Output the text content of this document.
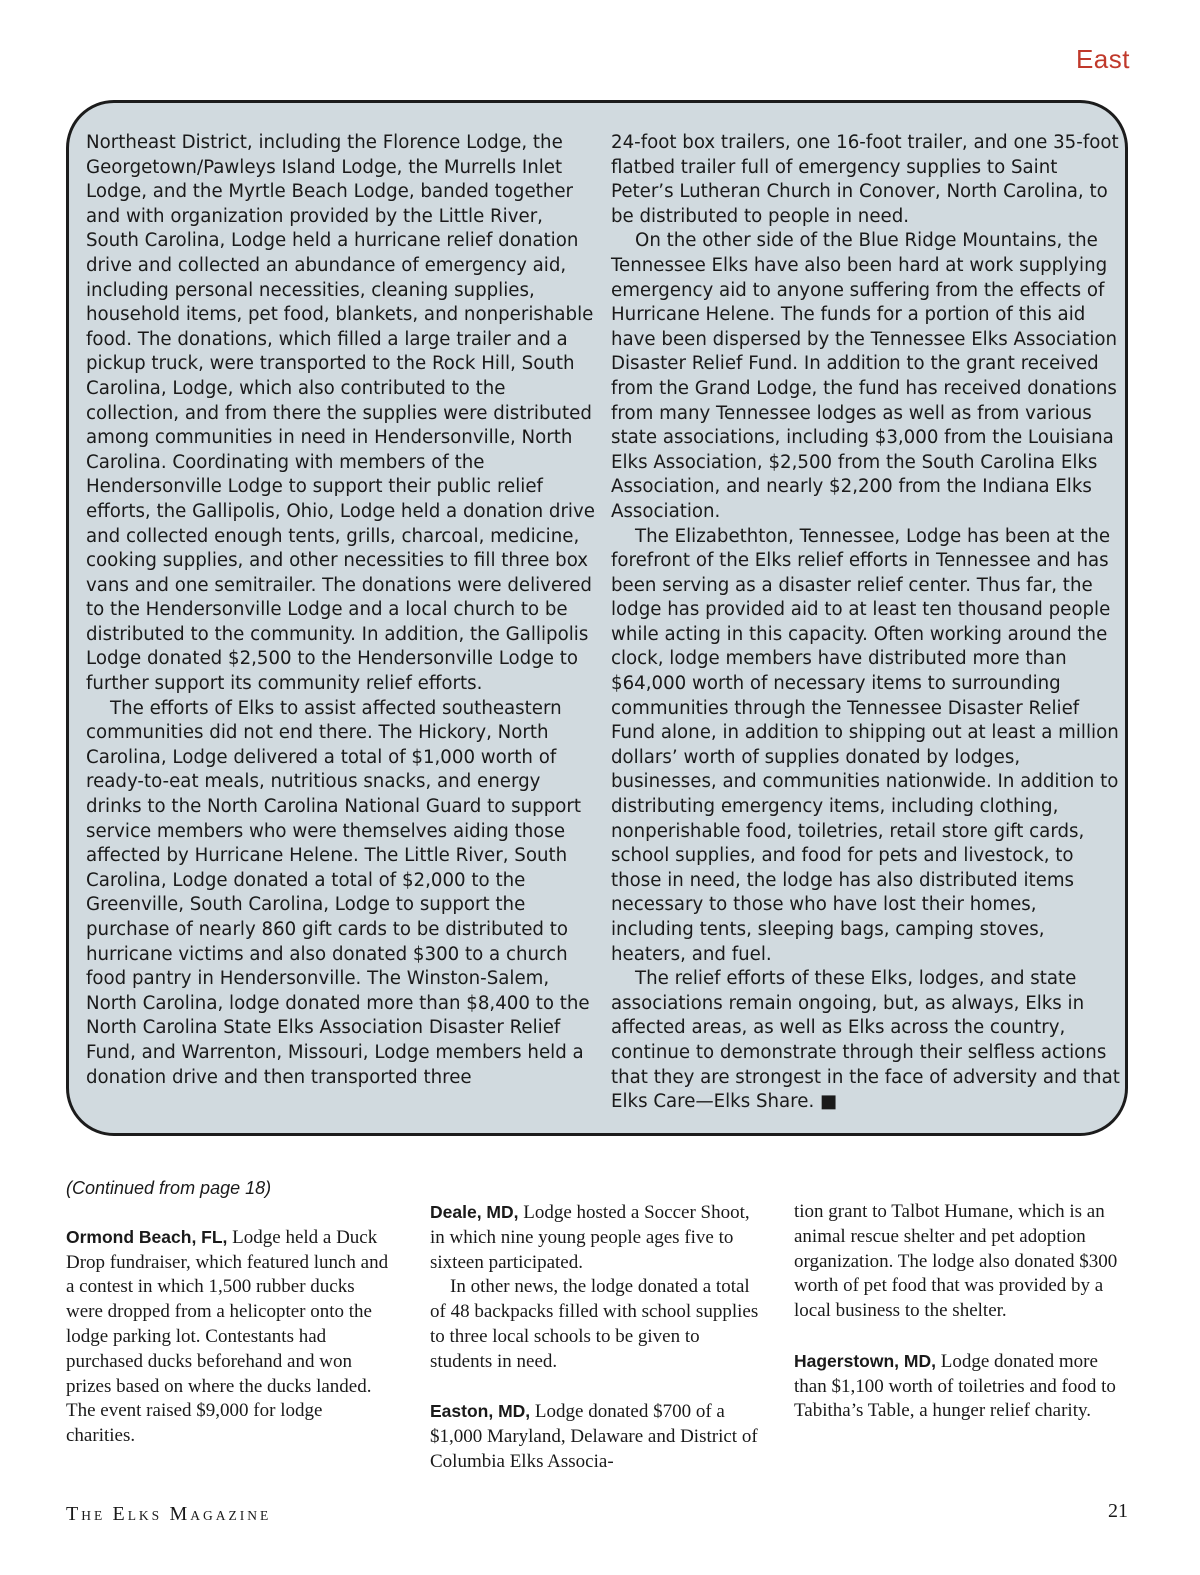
East

Northeast District, including the Florence Lodge, the Georgetown/Pawleys Island Lodge, the Murrells Inlet Lodge, and the Myrtle Beach Lodge, banded together and with organization provided by the Little River, South Carolina, Lodge held a hurricane relief donation drive and collected an abundance of emergency aid, including personal necessities, cleaning supplies, household items, pet food, blankets, and nonperishable food. The donations, which filled a large trailer and a pickup truck, were transported to the Rock Hill, South Carolina, Lodge, which also contributed to the collection, and from there the supplies were distributed among communities in need in Hendersonville, North Carolina. Coordinating with members of the Hendersonville Lodge to support their public relief efforts, the Gallipolis, Ohio, Lodge held a donation drive and collected enough tents, grills, charcoal, medicine, cooking supplies, and other necessities to fill three box vans and one semitrailer. The donations were delivered to the Hendersonville Lodge and a local church to be distributed to the community. In addition, the Gallipolis Lodge donated $2,500 to the Hendersonville Lodge to further support its community relief efforts.

The efforts of Elks to assist affected southeastern communities did not end there. The Hickory, North Carolina, Lodge delivered a total of $1,000 worth of ready-to-eat meals, nutritious snacks, and energy drinks to the North Carolina National Guard to support service members who were themselves aiding those affected by Hurricane Helene. The Little River, South Carolina, Lodge donated a total of $2,000 to the Greenville, South Carolina, Lodge to support the purchase of nearly 860 gift cards to be distributed to hurricane victims and also donated $300 to a church food pantry in Hendersonville. The Winston-Salem, North Carolina, lodge donated more than $8,400 to the North Carolina State Elks Association Disaster Relief Fund, and Warrenton, Missouri, Lodge members held a donation drive and then transported three

24-foot box trailers, one 16-foot trailer, and one 35-foot flatbed trailer full of emergency supplies to Saint Peter’s Lutheran Church in Conover, North Carolina, to be distributed to people in need.

On the other side of the Blue Ridge Mountains, the Tennessee Elks have also been hard at work supplying emergency aid to anyone suffering from the effects of Hurricane Helene. The funds for a portion of this aid have been dispersed by the Tennessee Elks Association Disaster Relief Fund. In addition to the grant received from the Grand Lodge, the fund has received donations from many Tennessee lodges as well as from various state associations, including $3,000 from the Louisiana Elks Association, $2,500 from the South Carolina Elks Association, and nearly $2,200 from the Indiana Elks Association.

The Elizabethton, Tennessee, Lodge has been at the forefront of the Elks relief efforts in Tennessee and has been serving as a disaster relief center. Thus far, the lodge has provided aid to at least ten thousand people while acting in this capacity. Often working around the clock, lodge members have distributed more than $64,000 worth of necessary items to surrounding communities through the Tennessee Disaster Relief Fund alone, in addition to shipping out at least a million dollars’ worth of supplies donated by lodges, businesses, and communities nationwide. In addition to distributing emergency items, including clothing, nonperishable food, toiletries, retail store gift cards, school supplies, and food for pets and livestock, to those in need, the lodge has also distributed items necessary to those who have lost their homes, including tents, sleeping bags, camping stoves, heaters, and fuel.

The relief efforts of these Elks, lodges, and state associations remain ongoing, but, as always, Elks in affected areas, as well as Elks across the country, continue to demonstrate through their selfless actions that they are strongest in the face of adversity and that Elks Care—Elks Share. ■

(Continued from page 18)

Ormond Beach, FL, Lodge held a Duck Drop fundraiser, which featured lunch and a contest in which 1,500 rubber ducks were dropped from a helicopter onto the lodge parking lot. Contestants had purchased ducks beforehand and won prizes based on where the ducks landed. The event raised $9,000 for lodge charities.

Deale, MD, Lodge hosted a Soccer Shoot, in which nine young people ages five to sixteen participated.

In other news, the lodge donated a total of 48 backpacks filled with school supplies to three local schools to be given to students in need.

Easton, MD, Lodge donated $700 of a $1,000 Maryland, Delaware and District of Columbia Elks Associa-

tion grant to Talbot Humane, which is an animal rescue shelter and pet adoption organization. The lodge also donated $300 worth of pet food that was provided by a local business to the shelter.

Hagerstown, MD, Lodge donated more than $1,100 worth of toiletries and food to Tabitha’s Table, a hunger relief charity.

THE ELKS MAGAZINE	21
